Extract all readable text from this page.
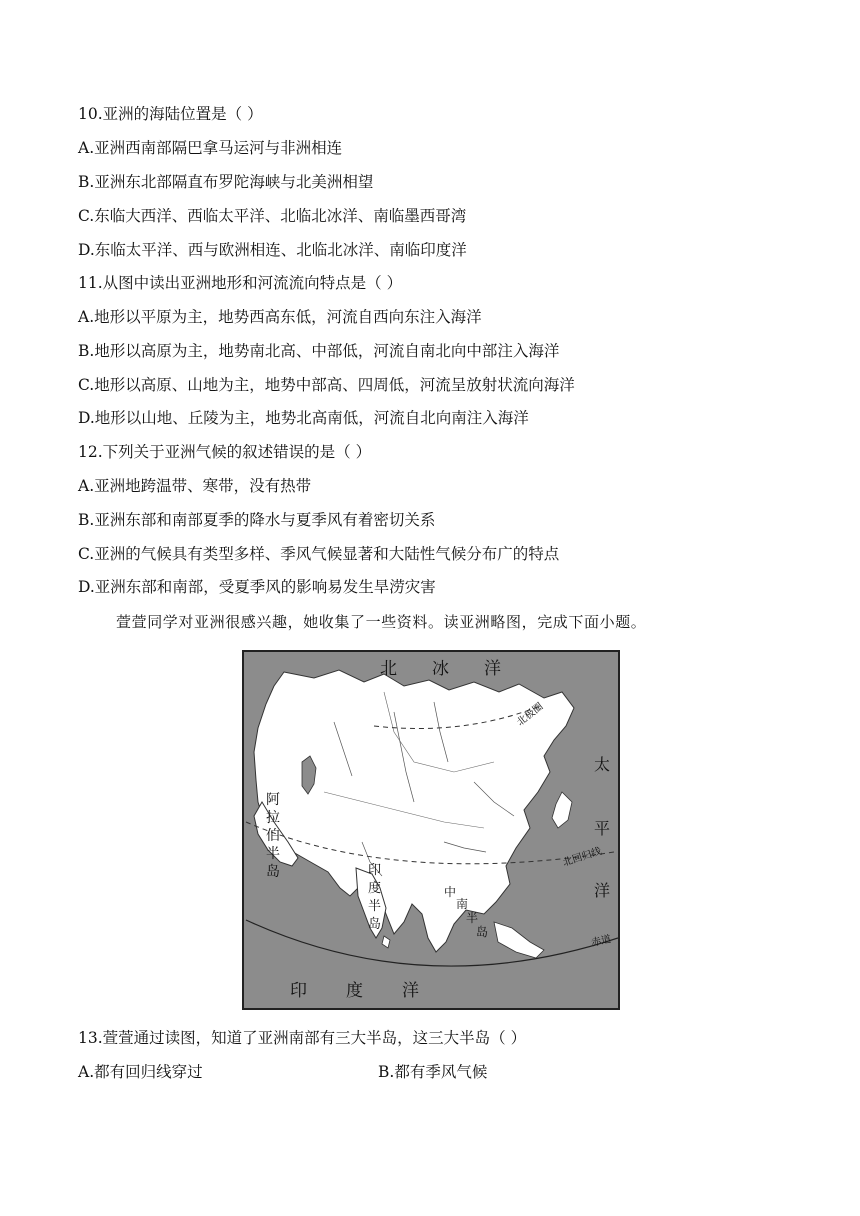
10.亚洲的海陆位置是（ ）
A.亚洲西南部隔巴拿马运河与非洲相连
B.亚洲东北部隔直布罗陀海峡与北美洲相望
C.东临大西洋、西临太平洋、北临北冰洋、南临墨西哥湾
D.东临太平洋、西与欧洲相连、北临北冰洋、南临印度洋
11.从图中读出亚洲地形和河流流向特点是（ ）
A.地形以平原为主，地势西高东低，河流自西向东注入海洋
B.地形以高原为主，地势南北高、中部低，河流自南北向中部注入海洋
C.地形以高原、山地为主，地势中部高、四周低，河流呈放射状流向海洋
D.地形以山地、丘陵为主，地势北高南低，河流自北向南注入海洋
12.下列关于亚洲气候的叙述错误的是（ ）
A.亚洲地跨温带、寒带，没有热带
B.亚洲东部和南部夏季的降水与夏季风有着密切关系
C.亚洲的气候具有类型多样、季风气候显著和大陆性气候分布广的特点
D.亚洲东部和南部，受夏季风的影响易发生旱涝灾害
萱萱同学对亚洲很感兴趣，她收集了一些资料。读亚洲略图，完成下面小题。
北 冰 洋
北极圈
太
平
洋
北回归线
赤道
阿
拉
伯
半
岛	印
度
半
岛
中
南
半
岛
印 度 洋
13.萱萱通过读图，知道了亚洲南部有三大半岛，这三大半岛（ ）
A.都有回归线穿过	B.都有季风气候
